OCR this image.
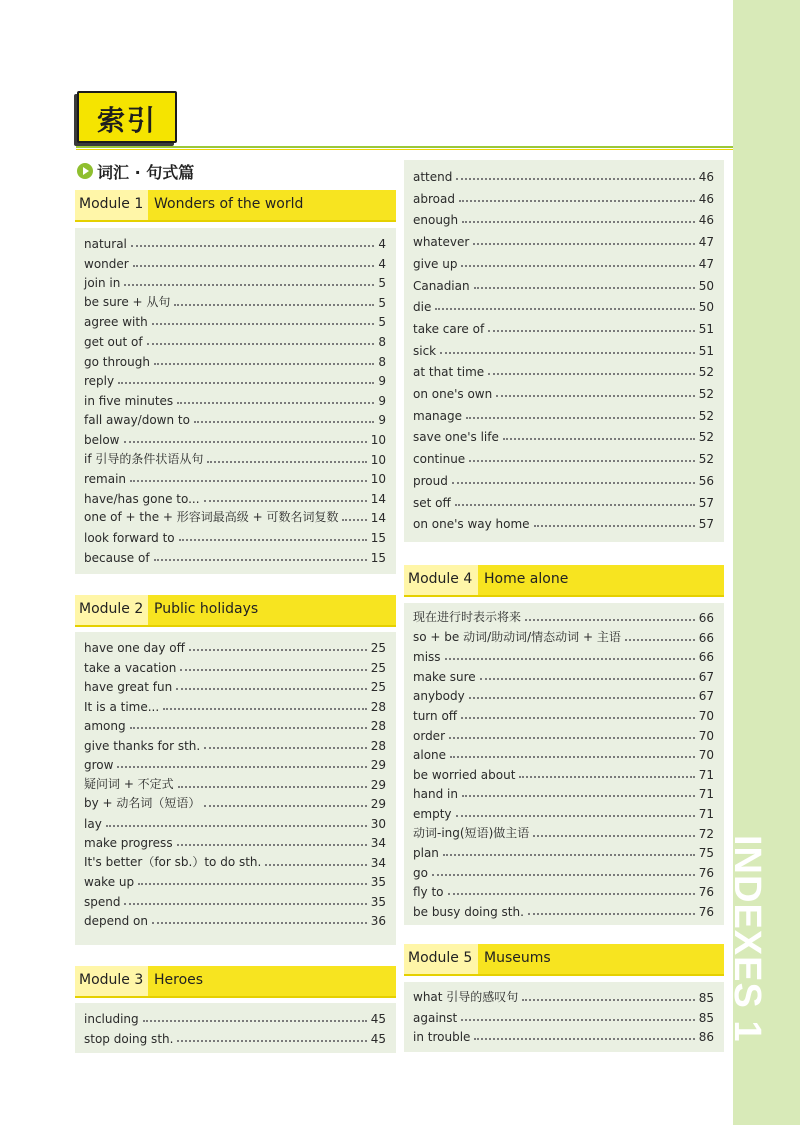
INDEXES 1
索引
词汇 · 句式篇
Module 1 Wonders of the world
natural	4
wonder	4
join in	5
be sure + 从句	5
agree with	5
get out of	8
go through	8
reply	9
in five minutes	9
fall away/down to	9
below	10
if 引导的条件状语从句	10
remain	10
have/has gone to...	14
one of + the + 形容词最高级 + 可数名词复数	14
look forward to	15
because of	15
Module 2 Public holidays
have one day off	25
take a vacation	25
have great fun	25
It is a time...	28
among	28
give thanks for sth.	28
grow	29
疑问词 + 不定式	29
by + 动名词（短语）	29
lay	30
make progress	34
It's better（for sb.）to do sth.	34
wake up	35
spend	35
depend on	36
Module 3 Heroes
including	45
stop doing sth.	45
attend	46
abroad	46
enough	46
whatever	47
give up	47
Canadian	50
die	50
take care of	51
sick	51
at that time	52
on one's own	52
manage	52
save one's life	52
continue	52
proud	56
set off	57
on one's way home	57
Module 4 Home alone
现在进行时表示将来	66
so + be 动词/助动词/情态动词 + 主语	66
miss	66
make sure	67
anybody	67
turn off	70
order	70
alone	70
be worried about	71
hand in	71
empty	71
动词-ing(短语)做主语	72
plan	75
go	76
fly to	76
be busy doing sth.	76
Module 5 Museums
what 引导的感叹句	85
against	85
in trouble	86
